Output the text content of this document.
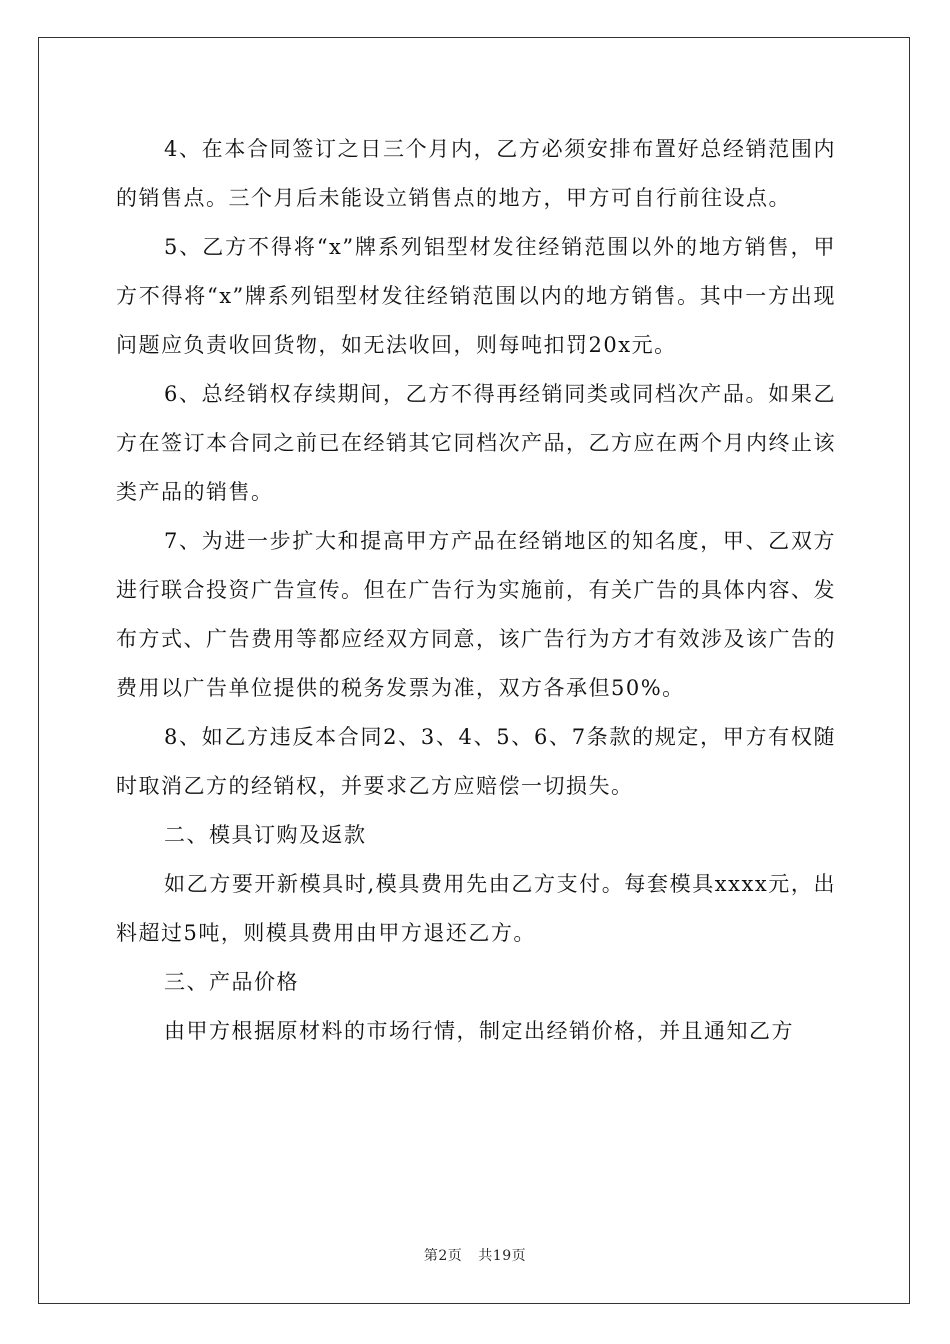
4、在本合同签订之日三个月内，乙方必须安排布置好总经销范围内的销售点。三个月后未能设立销售点的地方，甲方可自行前往设点。

5、乙方不得将“x”牌系列铝型材发往经销范围以外的地方销售，甲方不得将“x”牌系列铝型材发往经销范围以内的地方销售。其中一方出现问题应负责收回货物，如无法收回，则每吨扣罚20x元。

6、总经销权存续期间，乙方不得再经销同类或同档次产品。如果乙方在签订本合同之前已在经销其它同档次产品，乙方应在两个月内终止该类产品的销售。

7、为进一步扩大和提高甲方产品在经销地区的知名度，甲、乙双方进行联合投资广告宣传。但在广告行为实施前，有关广告的具体内容、发布方式、广告费用等都应经双方同意，该广告行为方才有效涉及该广告的费用以广告单位提供的税务发票为准，双方各承但50%。

8、如乙方违反本合同2、3、4、5、6、7条款的规定，甲方有权随时取消乙方的经销权，并要求乙方应赔偿一切损失。

二、模具订购及返款

如乙方要开新模具时,模具费用先由乙方支付。每套模具xxxx元，出料超过5吨，则模具费用由甲方退还乙方。

三、产品价格

由甲方根据原材料的市场行情，制定出经销价格，并且通知乙方

第2页 共19页
